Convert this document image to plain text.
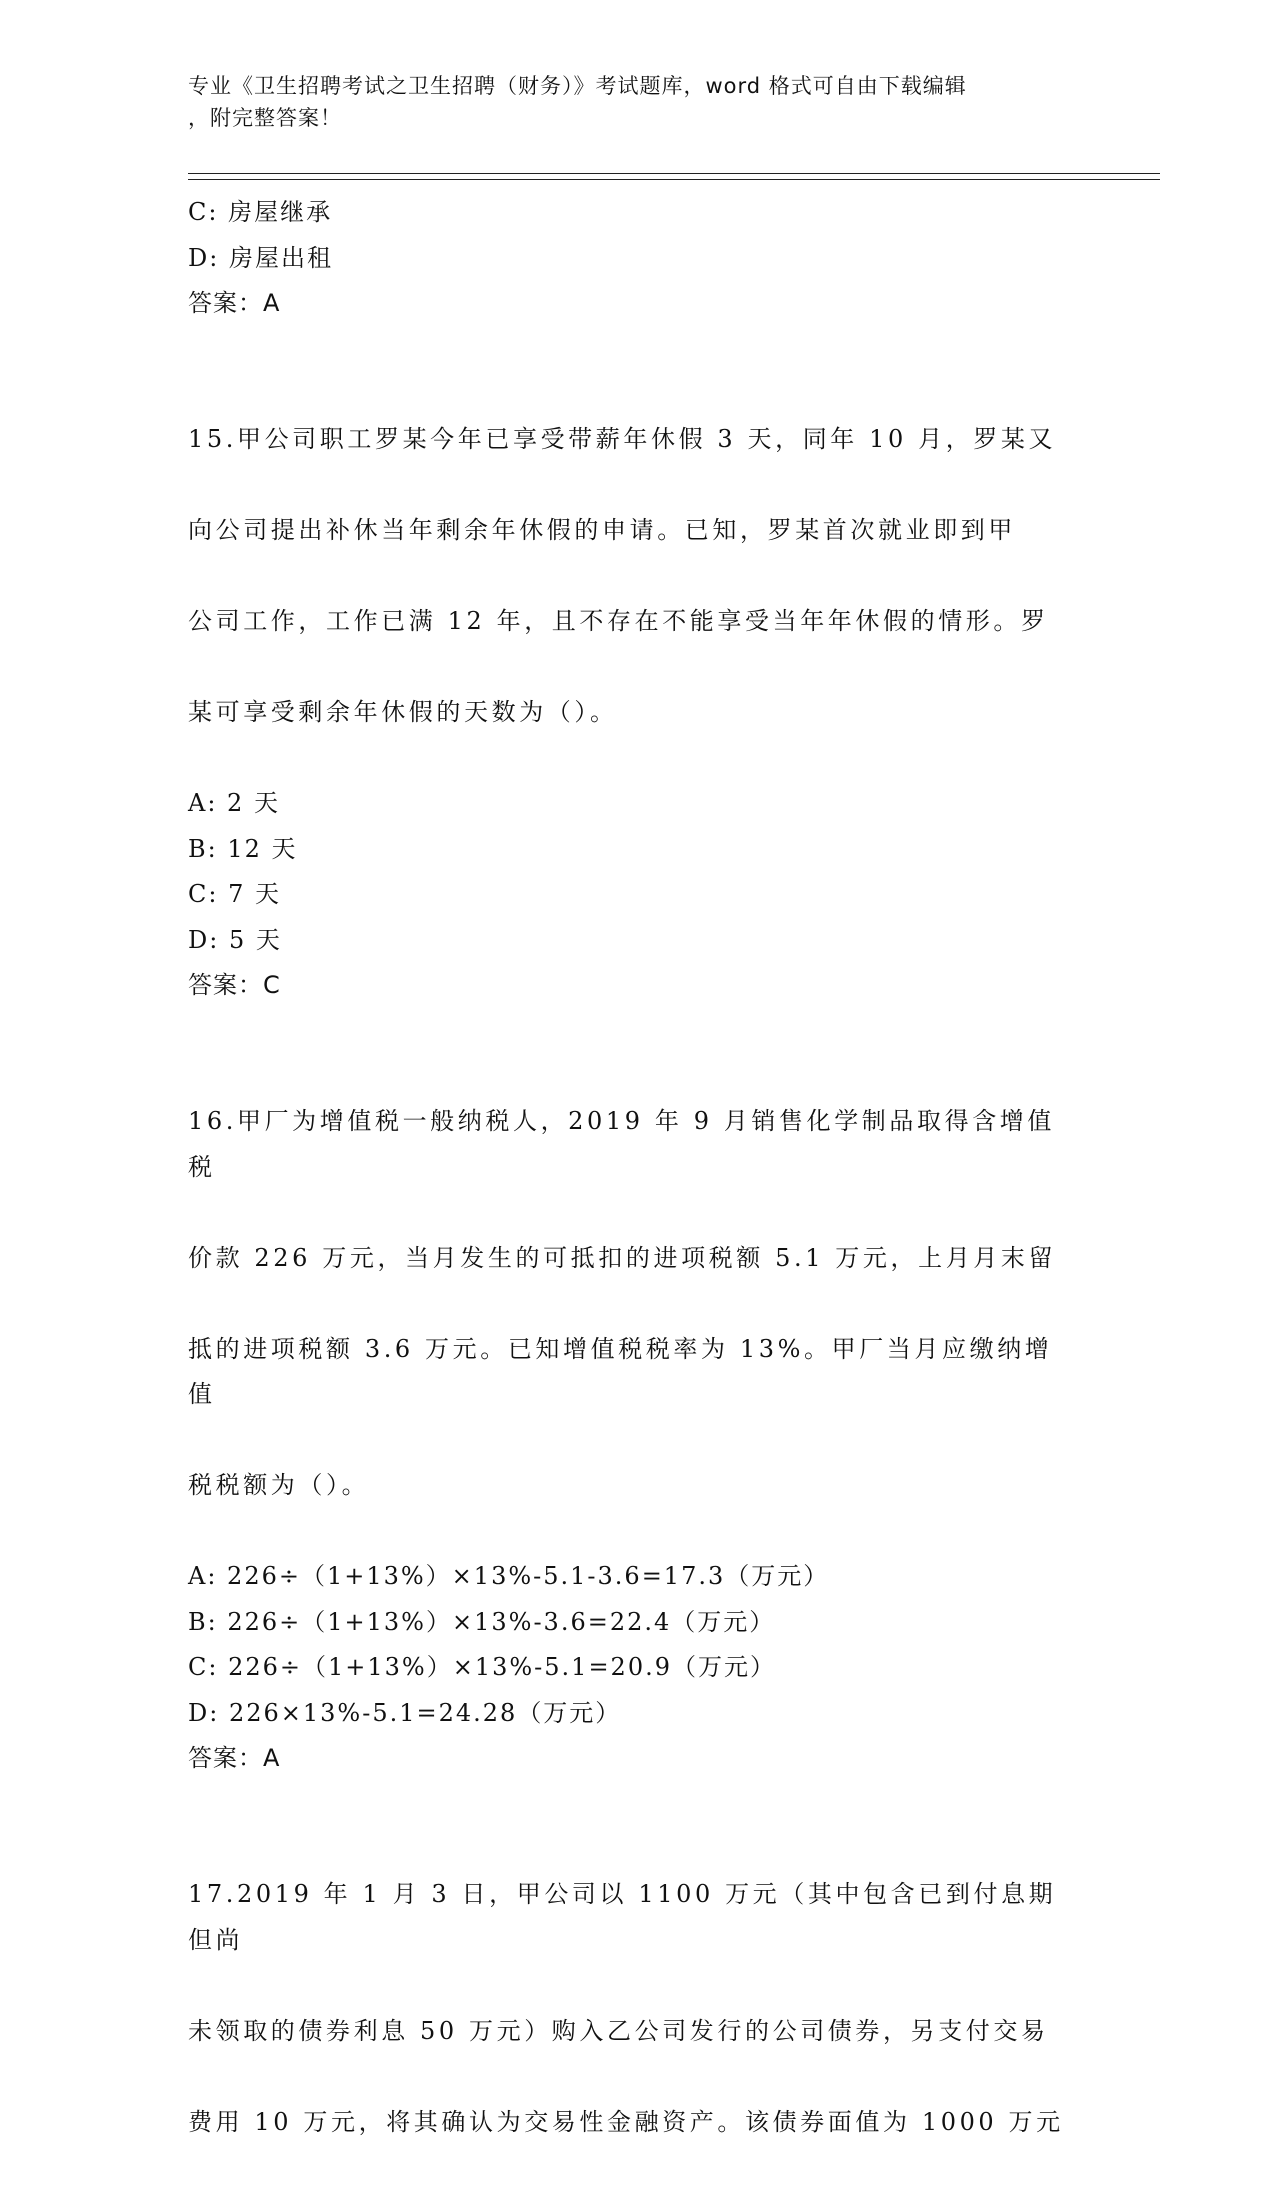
专业《卫生招聘考试之卫生招聘（财务）》考试题库，word 格式可自由下载编辑
，附完整答案！
C: 房屋继承
D: 房屋出租
答案：A

15.甲公司职工罗某今年已享受带薪年休假 3 天，同年 10 月，罗某又

向公司提出补休当年剩余年休假的申请。已知，罗某首次就业即到甲

公司工作，工作已满 12 年，且不存在不能享受当年年休假的情形。罗

某可享受剩余年休假的天数为（）。

A: 2 天
B: 12 天
C: 7 天
D: 5 天
答案：C

16.甲厂为增值税一般纳税人，2019 年 9 月销售化学制品取得含增值税

价款 226 万元，当月发生的可抵扣的进项税额 5.1 万元，上月月末留

抵的进项税额 3.6 万元。已知增值税税率为 13%。甲厂当月应缴纳增值

税税额为（）。

A: 226÷（1+13%）×13%-5.1-3.6=17.3（万元）
B: 226÷（1+13%）×13%-3.6=22.4（万元）
C: 226÷（1+13%）×13%-5.1=20.9（万元）
D: 226×13%-5.1=24.28（万元）
答案：A

17.2019 年 1 月 3 日，甲公司以 1100 万元（其中包含已到付息期但尚

未领取的债券利息 50 万元）购入乙公司发行的公司债券，另支付交易

费用 10 万元，将其确认为交易性金融资产。该债券面值为 1000 万元
